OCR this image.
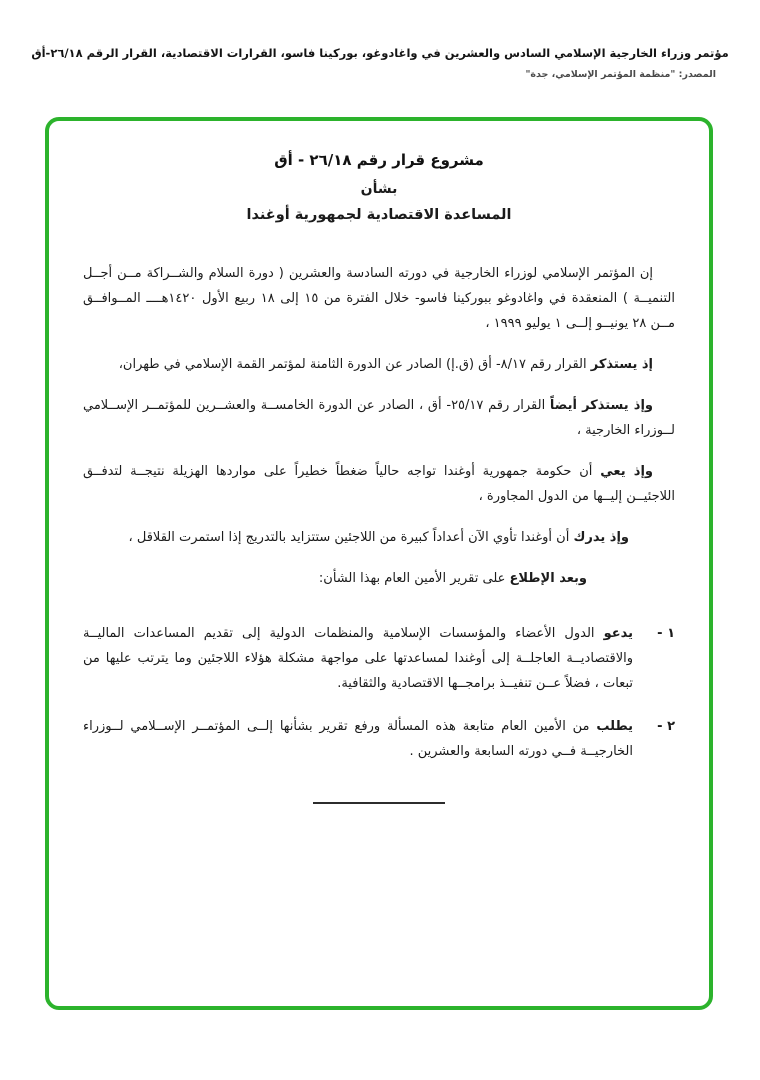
مؤتمر وزراء الخارجية الإسلامي السادس والعشرين في واغادوغو، بوركينا فاسو، القرارات الاقتصادية، القرار الرقم ٢٦/١٨-أق
المصدر: "منظمة المؤتمر الإسلامي، جدة"
مشروع قرار رقم ٢٦/١٨ - أق
بشأن
المساعدة الاقتصادية لجمهورية أوغندا

إن المؤتمر الإسلامي لوزراء الخارجية في دورته السادسة والعشرين ( دورة السلام والشــراكة مــن أجــل التنميــة ) المنعقدة في واغادوغو ببوركينا فاسو- خلال الفترة من ١٥ إلى ١٨ ربيع الأول ١٤٢٠هــــ المــوافــق مــن ٢٨ يونيــو إلــى ١ يوليو ١٩٩٩ ،

إذ يستذكر القرار رقم ٨/١٧- أق (ق.إ) الصادر عن الدورة الثامنة لمؤتمر القمة الإسلامي في طهران،

وإذ يستذكر أيضاً القرار رقم ٢٥/١٧- أق ، الصادر عن الدورة الخامســة والعشــرين للمؤتمــر الإســلامي لــوزراء الخارجية ،

وإذ يعي أن حكومة جمهورية أوغندا تواجه حالياً ضغطاً خطيراً على مواردها الهزيلة نتيجــة لتدفــق اللاجئيــن إليــها من الدول المجاورة ،

وإذ يدرك أن أوغندا تأوي الآن أعداداً كبيرة من اللاجئين ستتزايد بالتدريج إذا استمرت القلاقل ،

وبعد الإطلاع على تقرير الأمين العام بهذا الشأن:

١ -
يدعو الدول الأعضاء والمؤسسات الإسلامية والمنظمات الدولية إلى تقديم المساعدات الماليــة والاقتصاديــة العاجلــة إلى أوغندا لمساعدتها على مواجهة مشكلة هؤلاء اللاجئين وما يترتب عليها من تبعات ، فضلاً عــن تنفيــذ برامجــها الاقتصادية والثقافية.
٢ -
يطلب من الأمين العام متابعة هذه المسألة ورفع تقرير بشأنها إلــى المؤتمــر الإســلامي لــوزراء الخارجيــة فــي دورته السابعة والعشرين .
